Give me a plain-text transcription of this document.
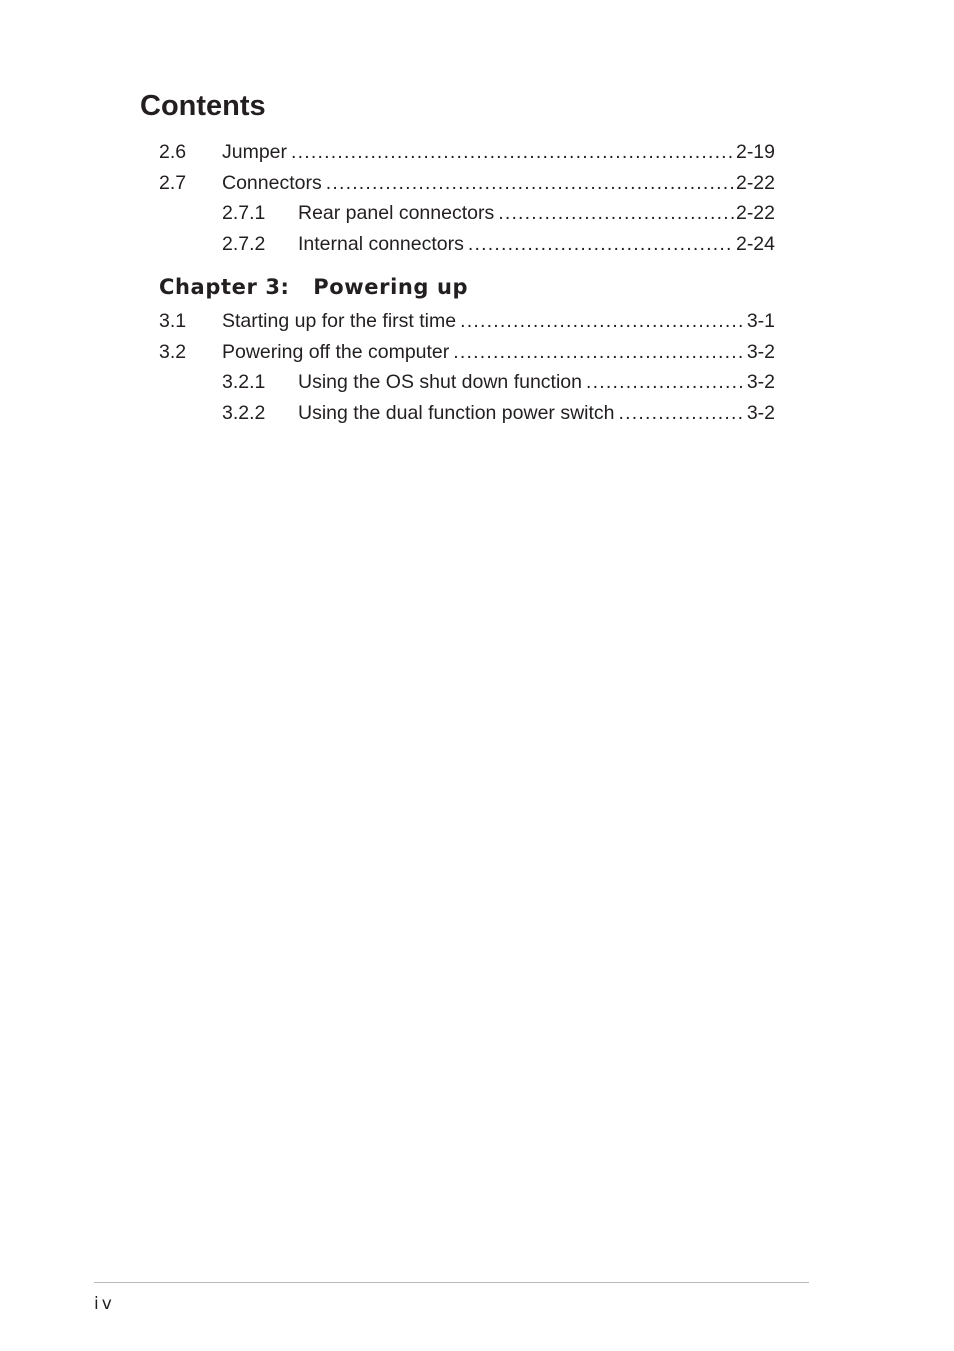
Contents
2.6	Jumper .....	2-19
2.7	Connectors .....	2-22
2.7.1	Rear panel connectors .....	2-22
2.7.2	Internal connectors .....	2-24
Chapter 3:   Powering up
3.1	Starting up for the first time .....	3-1
3.2	Powering off the computer .....	3-2
3.2.1	Using the OS shut down function .....	3-2
3.2.2	Using the dual function power switch .....	3-2
iv
